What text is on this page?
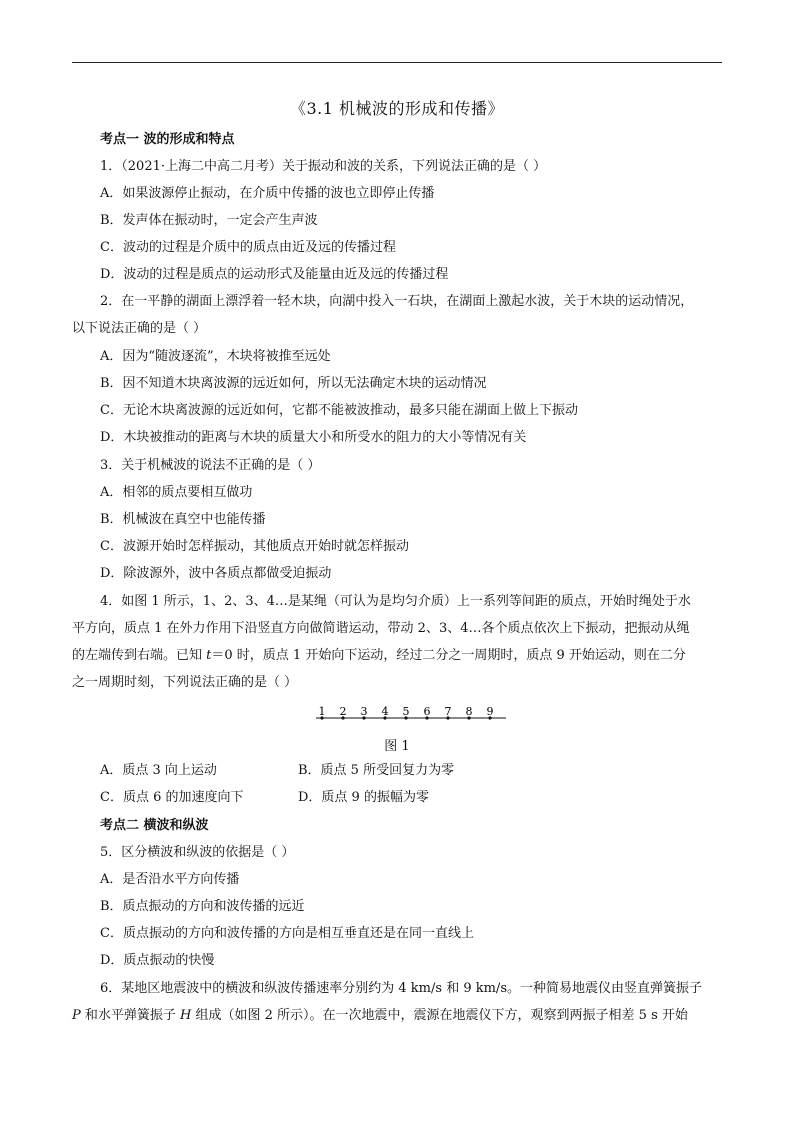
《3.1 机械波的形成和传播》
考点一 波的形成和特点
1．（2021·上海二中高二月考）关于振动和波的关系，下列说法正确的是（ ）
A．如果波源停止振动，在介质中传播的波也立即停止传播
B．发声体在振动时，一定会产生声波
C．波动的过程是介质中的质点由近及远的传播过程
D．波动的过程是质点的运动形式及能量由近及远的传播过程
2．在一平静的湖面上漂浮着一轻木块，向湖中投入一石块，在湖面上激起水波，关于木块的运动情况，
以下说法正确的是（ ）
A．因为“随波逐流”，木块将被推至远处
B．因不知道木块离波源的远近如何，所以无法确定木块的运动情况
C．无论木块离波源的远近如何，它都不能被波推动，最多只能在湖面上做上下振动
D．木块被推动的距离与木块的质量大小和所受水的阻力的大小等情况有关
3．关于机械波的说法不正确的是（ ）
A．相邻的质点要相互做功
B．机械波在真空中也能传播
C．波源开始时怎样振动，其他质点开始时就怎样振动
D．除波源外，波中各质点都做受迫振动
4．如图 1 所示，1、2、3、4…是某绳（可认为是均匀介质）上一系列等间距的质点，开始时绳处于水
平方向，质点 1 在外力作用下沿竖直方向做简谐运动，带动 2、3、4…各个质点依次上下振动，把振动从绳
的左端传到右端。已知 t＝0 时，质点 1 开始向下运动，经过二分之一周期时，质点 9 开始运动，则在二分
之一周期时刻，下列说法正确的是（ ）
1 2 3 4 5 6 7 8 9
图 1
A．质点 3 向上运动	B．质点 5 所受回复力为零
C．质点 6 的加速度向下	D．质点 9 的振幅为零
考点二 横波和纵波
5．区分横波和纵波的依据是（ ）
A．是否沿水平方向传播
B．质点振动的方向和波传播的远近
C．质点振动的方向和波传播的方向是相互垂直还是在同一直线上
D．质点振动的快慢
6．某地区地震波中的横波和纵波传播速率分别约为 4 km/s 和 9 km/s。一种简易地震仪由竖直弹簧振子
P 和水平弹簧振子 H 组成（如图 2 所示）。在一次地震中，震源在地震仪下方，观察到两振子相差 5 s 开始
